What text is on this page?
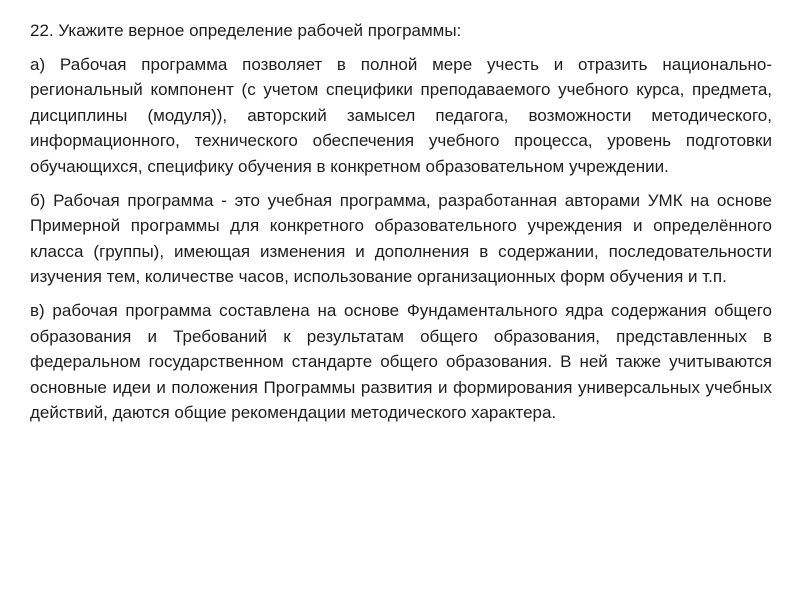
22. Укажите верное определение рабочей программы:

а) Рабочая программа позволяет в полной мере учесть и отразить национально-региональный компонент (с учетом специфики преподаваемого учебного курса, предмета, дисциплины (модуля)), авторский замысел педагога, возможности методического, информационного, технического обеспечения учебного процесса, уровень подготовки обучающихся, специфику обучения в конкретном образовательном учреждении.

б) Рабочая программа - это учебная программа, разработанная авторами УМК на основе Примерной программы для конкретного образовательного учреждения и определённого класса (группы), имеющая изменения и дополнения в содержании, последовательности изучения тем, количестве часов, использование организационных форм обучения и т.п.

в) рабочая программа составлена на основе Фундаментального ядра содержания общего образования и Требований к результатам общего образования, представленных в федеральном государственном стандарте общего образования. В ней также учитываются основные идеи и положения Программы развития и формирования универсальных учебных действий, даются общие рекомендации методического характера.
